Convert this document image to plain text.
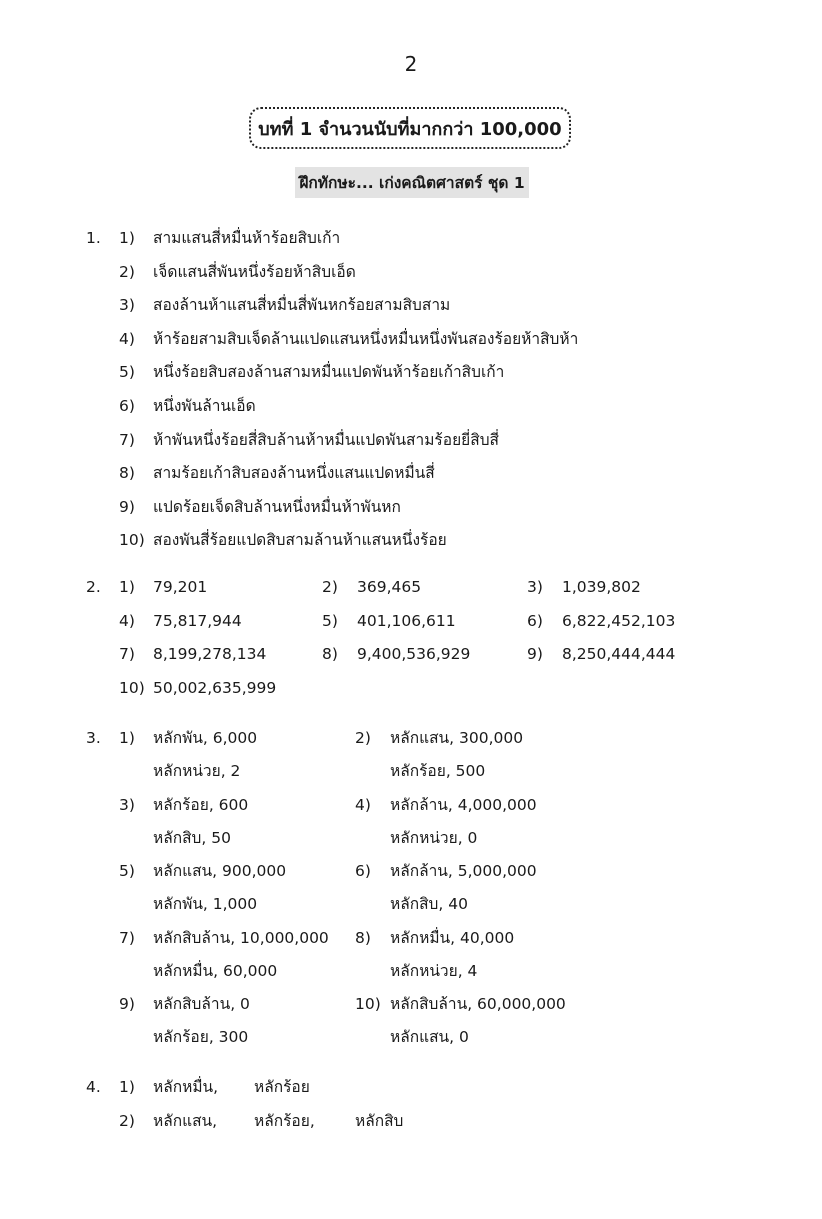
2
บทที่ 1 จำนวนนับที่มากกว่า 100,000
ฝึกทักษะ... เก่งคณิตศาสตร์ ชุด 1
1. 1) สามแสนสี่หมื่นห้าร้อยสิบเก้า
2) เจ็ดแสนสี่พันหนึ่งร้อยห้าสิบเอ็ด
3) สองล้านห้าแสนสี่หมื่นสี่พันหกร้อยสามสิบสาม
4) ห้าร้อยสามสิบเจ็ดล้านแปดแสนหนึ่งหมื่นหนึ่งพันสองร้อยห้าสิบห้า
5) หนึ่งร้อยสิบสองล้านสามหมื่นแปดพันห้าร้อยเก้าสิบเก้า
6) หนึ่งพันล้านเอ็ด
7) ห้าพันหนึ่งร้อยสี่สิบล้านห้าหมื่นแปดพันสามร้อยยี่สิบสี่
8) สามร้อยเก้าสิบสองล้านหนึ่งแสนแปดหมื่นสี่
9) แปดร้อยเจ็ดสิบล้านหนึ่งหมื่นห้าพันหก
10) สองพันสี่ร้อยแปดสิบสามล้านห้าแสนหนึ่งร้อย
2. 1) 79,201	2) 369,465	3) 1,039,802
4) 75,817,944	5) 401,106,611	6) 6,822,452,103
7) 8,199,278,134	8) 9,400,536,929	9) 8,250,444,444
10) 50,002,635,999
3. 1) หลักพัน, 6,000
หลักหน่วย, 2
2) หลักแสน, 300,000
หลักร้อย, 500
3) หลักร้อย, 600
หลักสิบ, 50
4) หลักล้าน, 4,000,000
หลักหน่วย, 0
5) หลักแสน, 900,000
หลักพัน, 1,000
6) หลักล้าน, 5,000,000
หลักสิบ, 40
7) หลักสิบล้าน, 10,000,000
หลักหมื่น, 60,000
8) หลักหมื่น, 40,000
หลักหน่วย, 4
9) หลักสิบล้าน, 0
หลักร้อย, 300
10) หลักสิบล้าน, 60,000,000
หลักแสน, 0
4. 1) หลักหมื่น, หลักร้อย
2) หลักแสน, หลักร้อย,	หลักสิบ
